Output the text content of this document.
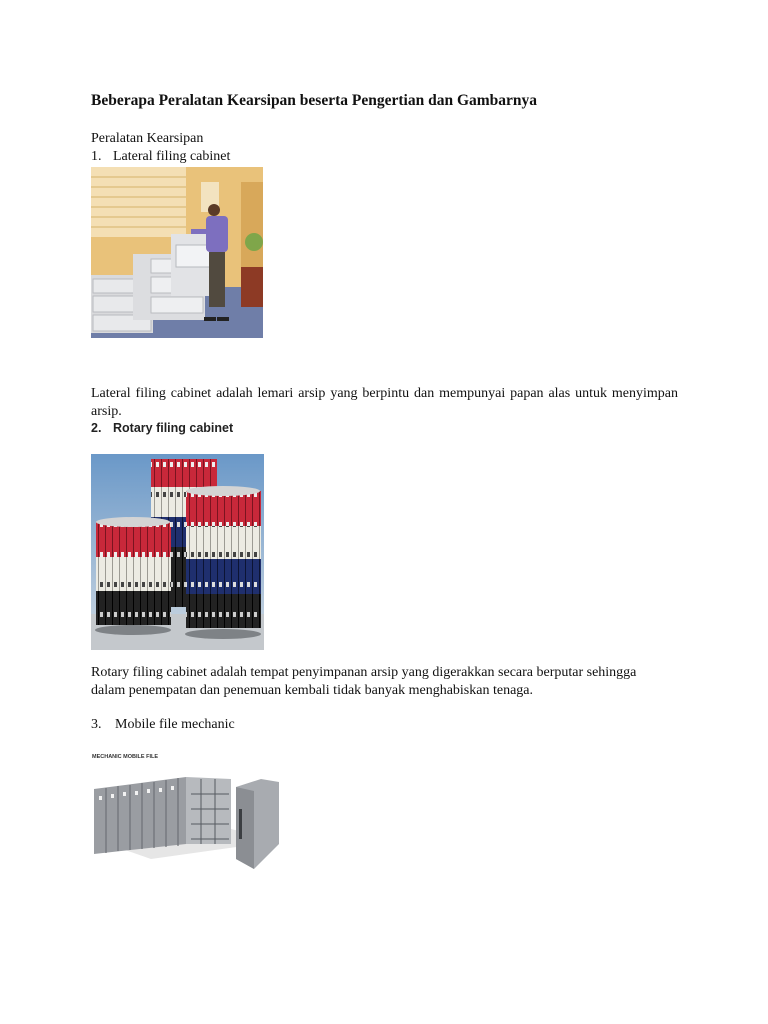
Beberapa Peralatan Kearsipan beserta Pengertian dan Gambarnya
Peralatan Kearsipan
1. Lateral filing cabinet
Lateral filing cabinet adalah lemari arsip yang berpintu dan mempunyai papan alas untuk menyimpan arsip.
2. Rotary filing cabinet
Rotary filing cabinet adalah tempat penyimpanan arsip yang digerakkan secara berputar sehingga
dalam penempatan dan penemuan kembali tidak banyak menghabiskan tenaga.
3. Mobile file mechanic
MECHANIC MOBILE FILE
